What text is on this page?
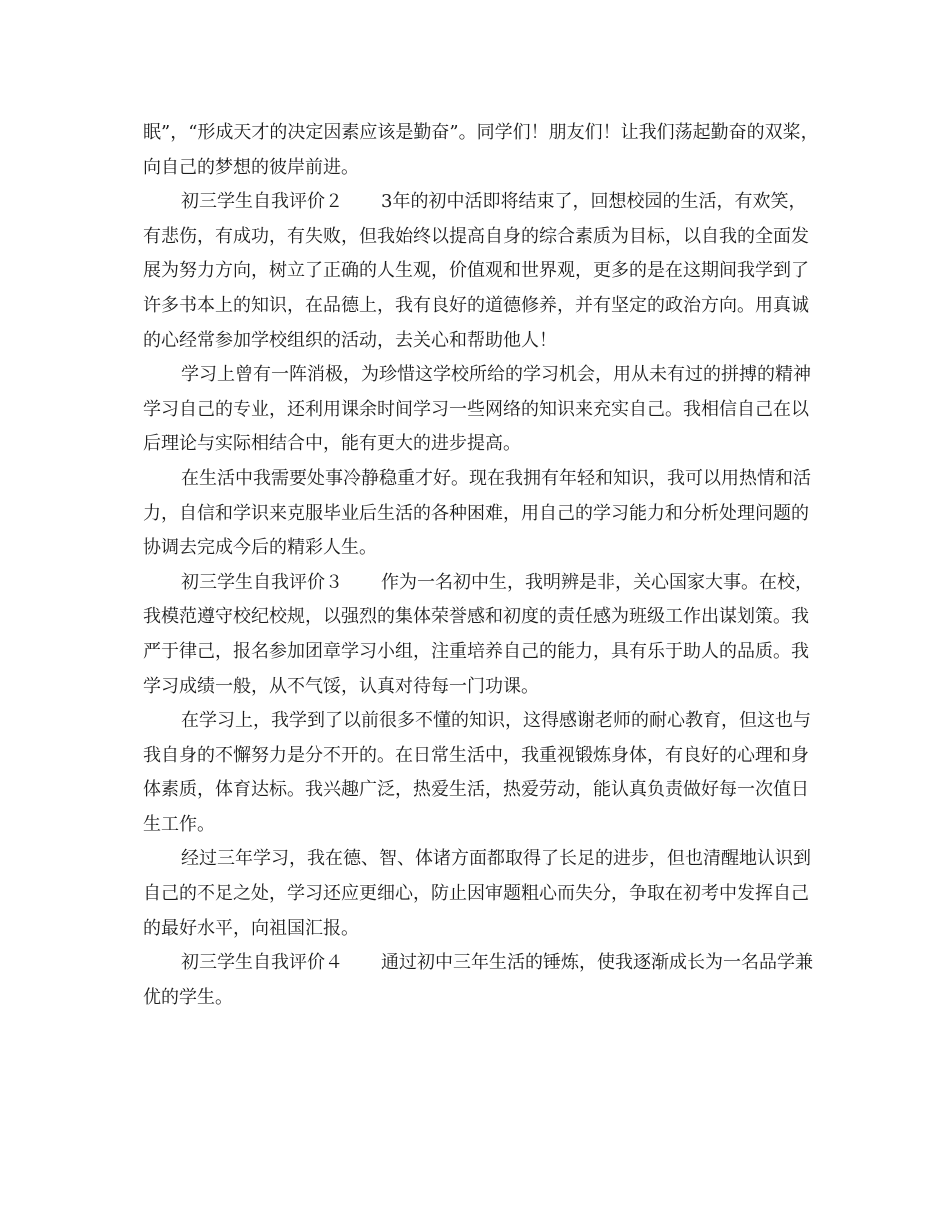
眠”，“形成天才的决定因素应该是勤奋”。同学们！朋友们！让我们荡起勤奋的双桨，向自己的梦想的彼岸前进。

初三学生自我评价２ 3年的初中活即将结束了，回想校园的生活，有欢笑，有悲伤，有成功，有失败，但我始终以提高自身的综合素质为目标，以自我的全面发展为努力方向，树立了正确的人生观，价值观和世界观，更多的是在这期间我学到了许多书本上的知识，在品德上，我有良好的道德修养，并有坚定的政治方向。用真诚的心经常参加学校组织的活动，去关心和帮助他人！

学习上曾有一阵消极，为珍惜这学校所给的学习机会，用从未有过的拼搏的精神学习自己的专业，还利用课余时间学习一些网络的知识来充实自己。我相信自己在以后理论与实际相结合中，能有更大的进步提高。

在生活中我需要处事冷静稳重才好。现在我拥有年轻和知识，我可以用热情和活力，自信和学识来克服毕业后生活的各种困难，用自己的学习能力和分析处理问题的协调去完成今后的精彩人生。

初三学生自我评价３ 作为一名初中生，我明辨是非，关心国家大事。在校，我模范遵守校纪校规，以强烈的集体荣誉感和初度的责任感为班级工作出谋划策。我严于律己，报名参加团章学习小组，注重培养自己的能力，具有乐于助人的品质。我学习成绩一般，从不气馁，认真对待每一门功课。

在学习上，我学到了以前很多不懂的知识，这得感谢老师的耐心教育，但这也与我自身的不懈努力是分不开的。在日常生活中，我重视锻炼身体，有良好的心理和身体素质，体育达标。我兴趣广泛，热爱生活，热爱劳动，能认真负责做好每一次值日生工作。

经过三年学习，我在德、智、体诸方面都取得了长足的进步，但也清醒地认识到自己的不足之处，学习还应更细心，防止因审题粗心而失分，争取在初考中发挥自己的最好水平，向祖国汇报。

初三学生自我评价４ 通过初中三年生活的锤炼，使我逐渐成长为一名品学兼优的学生。
